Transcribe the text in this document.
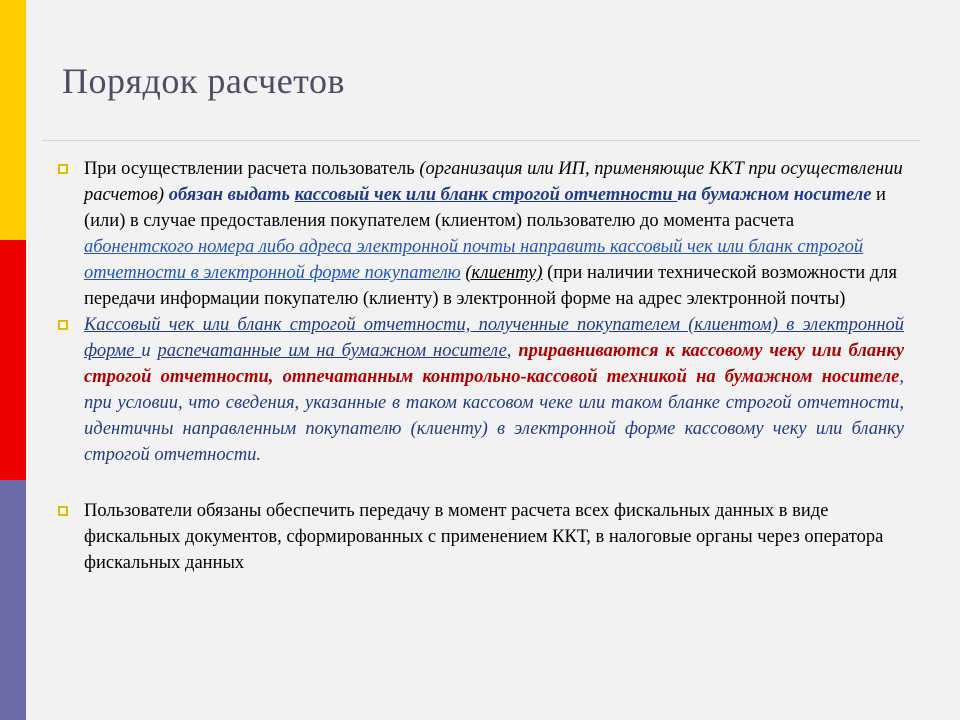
Порядок расчетов
При осуществлении расчета пользователь (организация или ИП, применяющие ККТ при осуществлении расчетов) обязан выдать кассовый чек или бланк строгой отчетности на бумажном носителе и (или) в случае предоставления покупателем (клиентом) пользователю до момента расчета абонентского номера либо адреса электронной почты направить кассовый чек или бланк строгой отчетности в электронной форме покупателю (клиенту) (при наличии технической возможности для передачи информации покупателю (клиенту) в электронной форме на адрес электронной почты)
Кассовый чек или бланк строгой отчетности, полученные покупателем (клиентом) в электронной форме и распечатанные им на бумажном носителе, приравниваются к кассовому чеку или бланку строгой отчетности, отпечатанным контрольно-кассовой техникой на бумажном носителе, при условии, что сведения, указанные в таком кассовом чеке или таком бланке строгой отчетности, идентичны направленным покупателю (клиенту) в электронной форме кассовому чеку или бланку строгой отчетности.
Пользователи обязаны обеспечить передачу в момент расчета всех фискальных данных в виде фискальных документов, сформированных с применением ККТ, в налоговые органы через оператора фискальных данных
